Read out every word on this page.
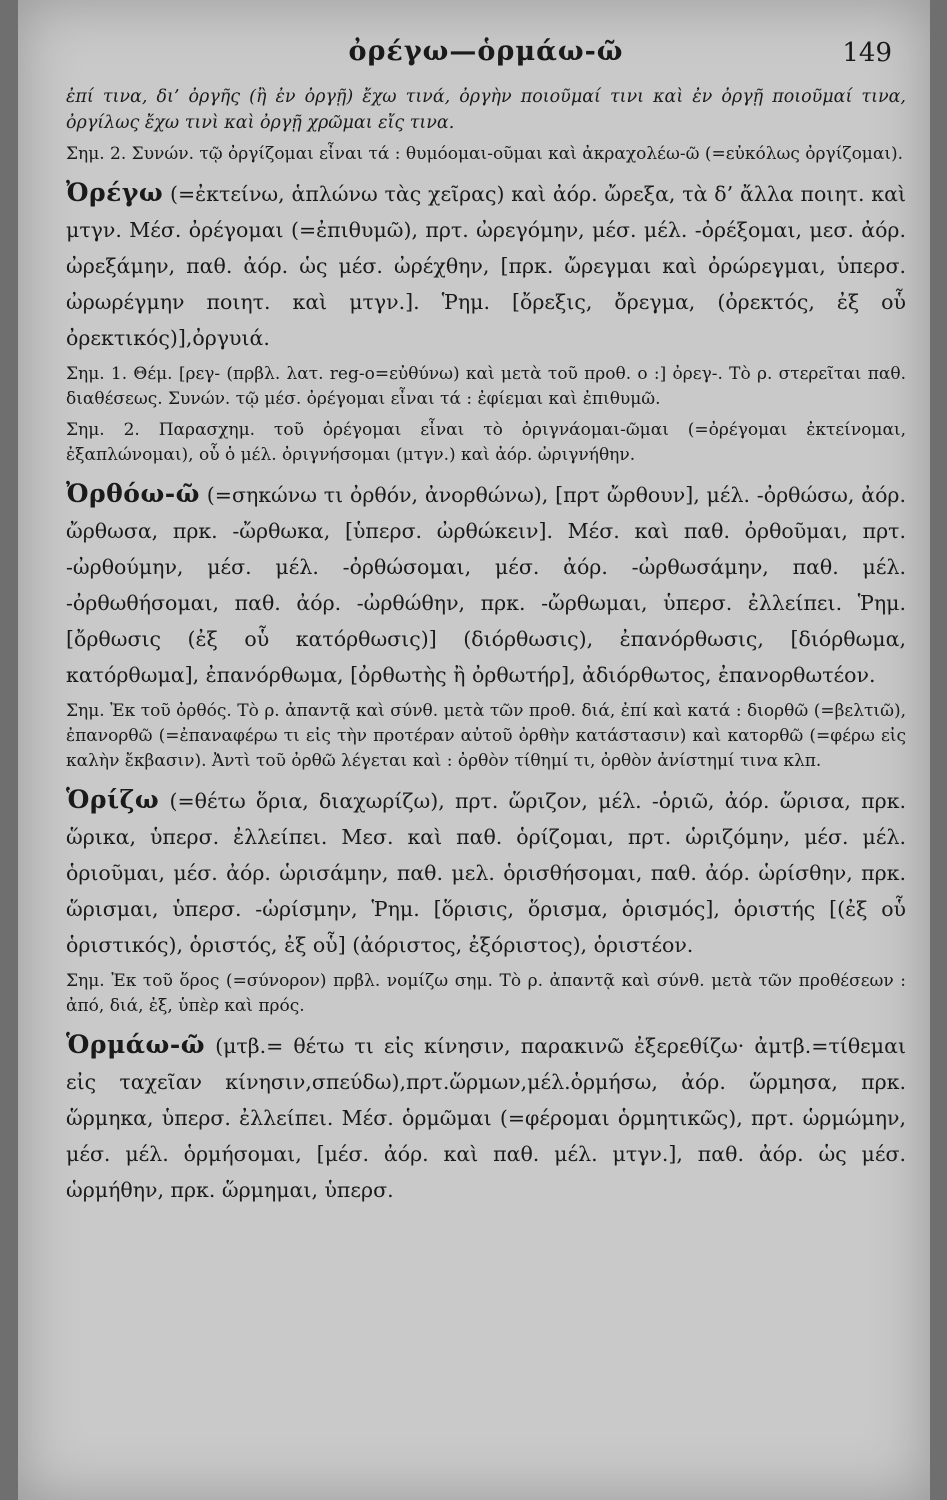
ὀρέγω—ὁρμάω-ῶ	149

ἐπί τινα, δι’ ὀργῆς (ἢ ἐν ὀργῇ) ἔχω τινά, ὀργὴν ποιοῦμαί τινι καὶ ἐν ὀργῇ ποιοῦμαί τινα, ὀργίλως ἔχω τινὶ καὶ ὀργῇ χρῶμαι εἴς τινα.

Σημ. 2. Συνών. τῷ ὀργίζομαι εἶναι τά : θυμόομαι-οῦμαι καὶ ἀκραχολέω-ῶ (=εὐκόλως ὀργίζομαι).

Ὀρέγω (=ἐκτείνω, ἁπλώνω τὰς χεῖρας) καὶ ἀόρ. ὤρεξα, τὰ δ’ ἄλλα ποιητ. καὶ μτγν. Μέσ. ὀρέγομαι (=ἐπιθυμῶ), πρτ. ὠρεγόμην, μέσ. μέλ. -ὀρέξομαι, μεσ. ἀόρ. ὠρεξάμην, παθ. ἀόρ. ὡς μέσ. ὠρέχθην, [πρκ. ὤρεγμαι καὶ ὀρώρεγμαι, ὑπερσ. ὠρωρέγμην ποιητ. καὶ μτγν.]. Ῥημ. [ὄρεξις, ὄρεγμα, (ὀρεκτός, ἐξ οὗ ὀρεκτικός)],ὀργυιά.

Σημ. 1. Θέμ. [ρεγ- (πρβλ. λατ. reg-o=εὐθύνω) καὶ μετὰ τοῦ προθ. ο :] ὀρεγ-. Τὸ ρ. στερεῖται παθ. διαθέσεως. Συνών. τῷ μέσ. ὀρέγομαι εἶναι τά : ἐφίεμαι καὶ ἐπιθυμῶ.

Σημ. 2. Παρασχημ. τοῦ ὀρέγομαι εἶναι τὸ ὀριγνάομαι-ῶμαι (=ὀρέγομαι ἐκτείνομαι, ἐξαπλώνομαι), οὗ ὁ μέλ. ὀριγνήσομαι (μτγν.) καὶ ἀόρ. ὠριγνήθην.

Ὀρθόω-ῶ (=σηκώνω τι ὀρθόν, ἀνορθώνω), [πρτ ὤρθουν], μέλ. -ὀρθώσω, ἀόρ. ὤρθωσα, πρκ. -ὤρθωκα, [ὑπερσ. ὠρθώκειν]. Μέσ. καὶ παθ. ὀρθοῦμαι, πρτ. -ὠρθούμην, μέσ. μέλ. -ὀρθώσομαι, μέσ. ἀόρ. -ὠρθωσάμην, παθ. μέλ. -ὀρθωθήσομαι, παθ. ἀόρ. -ὠρθώθην, πρκ. -ὤρθωμαι, ὑπερσ. ἐλλείπει. Ῥημ.[ὄρθωσις (ἐξ οὗ κατόρθωσις)] (διόρθωσις), ἐπανόρθωσις, [διόρθωμα, κατόρθωμα], ἐπανόρθωμα, [ὀρθωτὴς ἢ ὀρθωτήρ], ἀδιόρθωτος, ἐπανορθωτέον.

Σημ. Ἐκ τοῦ ὀρθός. Τὸ ρ. ἀπαντᾷ καὶ σύνθ. μετὰ τῶν προθ. διά, ἐπί καὶ κατά : διορθῶ (=βελτιῶ), ἐπανορθῶ (=ἐπαναφέρω τι εἰς τὴν προτέραν αὐτοῦ ὀρθὴν κατάστασιν) καὶ κατορθῶ (=φέρω εἰς καλὴν ἔκβασιν). Ἀντὶ τοῦ ὀρθῶ λέγεται καὶ : ὀρθὸν τίθημί τι, ὀρθὸν ἀνίστημί τινα κλπ.

Ὁρίζω (=θέτω ὅρια, διαχωρίζω), πρτ. ὥριζον, μέλ. -ὁριῶ, ἀόρ. ὥρισα, πρκ. ὥρικα, ὑπερσ. ἐλλείπει. Μεσ. καὶ παθ. ὁρίζομαι, πρτ. ὡριζόμην, μέσ. μέλ. ὁριοῦμαι, μέσ. ἀόρ. ὡρισάμην, παθ. μελ. ὁρισθήσομαι, παθ. ἀόρ. ὡρίσθην, πρκ. ὥρισμαι, ὑπερσ. -ὡρίσμην, Ῥημ. [ὅρισις, ὅρισμα, ὁρισμός], ὁριστής [(ἐξ οὗ ὁριστικός), ὁριστός, ἐξ οὗ] (ἀόριστος, ἐξόριστος), ὁριστέον.

Σημ. Ἐκ τοῦ ὅρος (=σύνορον) πρβλ. νομίζω σημ. Τὸ ρ. ἀπαντᾷ καὶ σύνθ. μετὰ τῶν προθέσεων : ἀπό, διά, ἐξ, ὑπὲρ καὶ πρός.

Ὁρμάω-ῶ (μτβ.= θέτω τι εἰς κίνησιν, παρακινῶ ἐξερεθίζω· ἀμτβ.=τίθεμαι εἰς ταχεῖαν κίνησιν,σπεύδω),πρτ.ὥρμων,μέλ.ὁρμήσω, ἀόρ. ὥρμησα, πρκ. ὥρμηκα, ὑπερσ. ἐλλείπει. Μέσ. ὁρμῶμαι (=φέρομαι ὁρμητικῶς), πρτ. ὡρμώμην, μέσ. μέλ. ὁρμήσομαι, [μέσ. ἀόρ. καὶ παθ. μέλ. μτγν.], παθ. ἀόρ. ὡς μέσ. ὡρμήθην, πρκ. ὥρμημαι, ὑπερσ.
